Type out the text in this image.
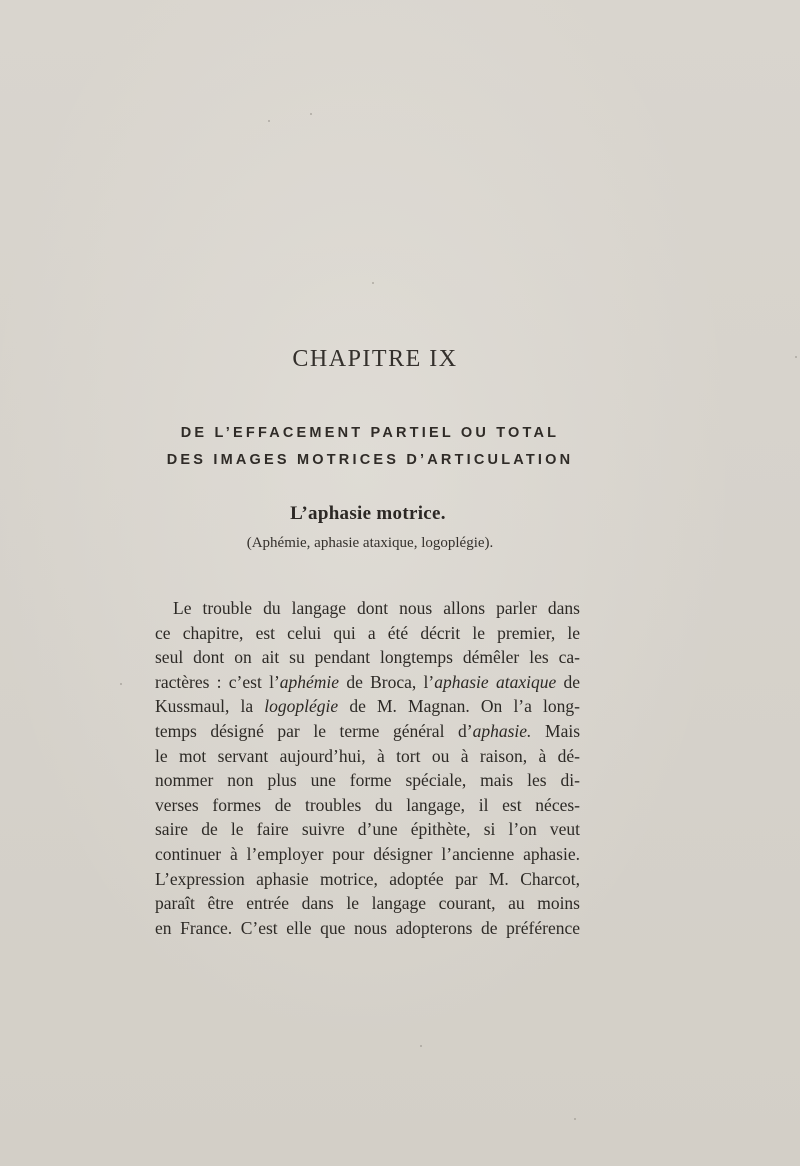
CHAPITRE IX
DE L’EFFACEMENT PARTIEL OU TOTAL
DES IMAGES MOTRICES D’ARTICULATION
L’aphasie motrice.

(Aphémie, aphasie ataxique, logoplégie).

Le trouble du langage dont nous allons parler dans
ce chapitre, est celui qui a été décrit le premier, le
seul dont on ait su pendant longtemps démêler les ca-
ractères : c’est l’aphémie de Broca, l’aphasie ataxique de
Kussmaul, la logoplégie de M. Magnan. On l’a long-
temps désigné par le terme général d’aphasie. Mais
le mot servant aujourd’hui, à tort ou à raison, à dé-
nommer non plus une forme spéciale, mais les di-
verses formes de troubles du langage, il est néces-
saire de le faire suivre d’une épithète, si l’on veut
continuer à l’employer pour désigner l’ancienne aphasie.
L’expression aphasie motrice, adoptée par M. Charcot,
paraît être entrée dans le langage courant, au moins
en France. C’est elle que nous adopterons de préférence
